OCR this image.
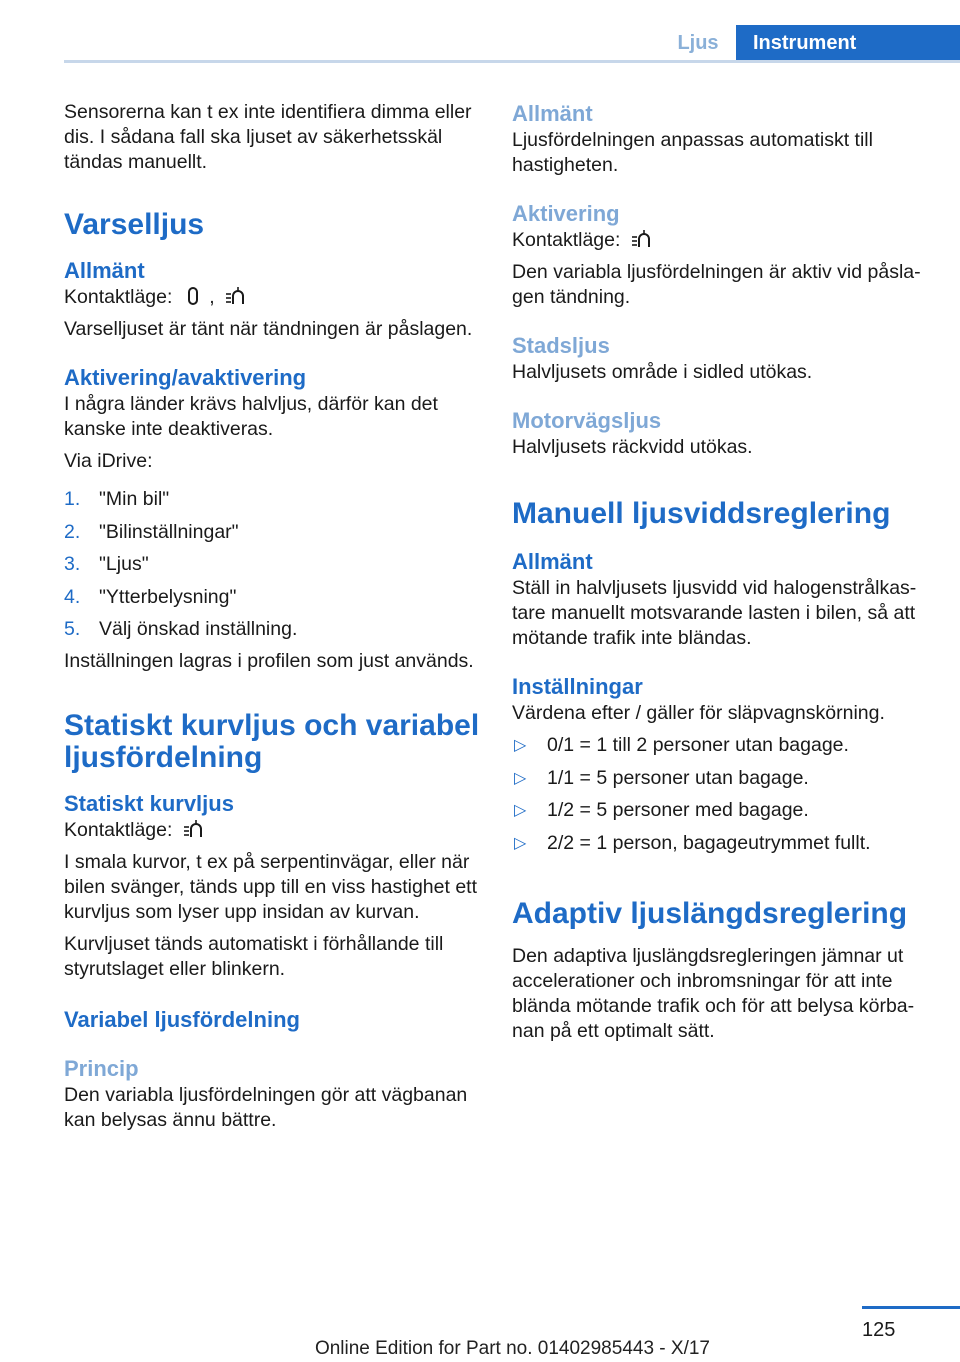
Ljus	Instrument

Sensorerna kan t ex inte identifiera dimma eller dis. I sådana fall ska ljuset av säkerhetsskäl tändas manuellt.

Varselljus
Allmänt

Kontaktläge: ,

Varselljuset är tänt när tändningen är påslagen.

Aktivering/avaktivering

I några länder krävs halvljus, därför kan det kanske inte deaktiveras.

Via iDrive:

1. "Min bil"
2. "Bilinställningar"
3. "Ljus"
4. "Ytterbelysning"
5. Välj önskad inställning.

Inställningen lagras i profilen som just används.

Statiskt kurvljus och variabel ljusfördelning
Statiskt kurvljus

Kontaktläge:

I smala kurvor, t ex på serpentinvägar, eller när bilen svänger, tänds upp till en viss hastighet ett kurvljus som lyser upp insidan av kurvan.

Kurvljuset tänds automatiskt i förhållande till styrutslaget eller blinkern.

Variabel ljusfördelning
Princip

Den variabla ljusfördelningen gör att vägbanan kan belysas ännu bättre.

Allmänt

Ljusfördelningen anpassas automatiskt till hastigheten.

Aktivering

Kontaktläge:

Den variabla ljusfördelningen är aktiv vid påslagen tändning.

Stadsljus

Halvljusets område i sidled utökas.

Motorvägsljus

Halvljusets räckvidd utökas.

Manuell ljusviddsreglering
Allmänt

Ställ in halvljusets ljusvidd vid halogenstrålkastare manuellt motsvarande lasten i bilen, så att mötande trafik inte bländas.

Inställningar

Värdena efter / gäller för släpvagnskörning.

▷ 0/1 = 1 till 2 personer utan bagage.
▷ 1/1 = 5 personer utan bagage.
▷ 1/2 = 5 personer med bagage.
▷ 2/2 = 1 person, bagageutrymmet fullt.
Adaptiv ljuslängdsreglering

Den adaptiva ljuslängdsregleringen jämnar ut accelerationer och inbromsningar för att inte blända mötande trafik och för att belysa körbanan på ett optimalt sätt.

125
Online Edition for Part no. 01402985443 - X/17
